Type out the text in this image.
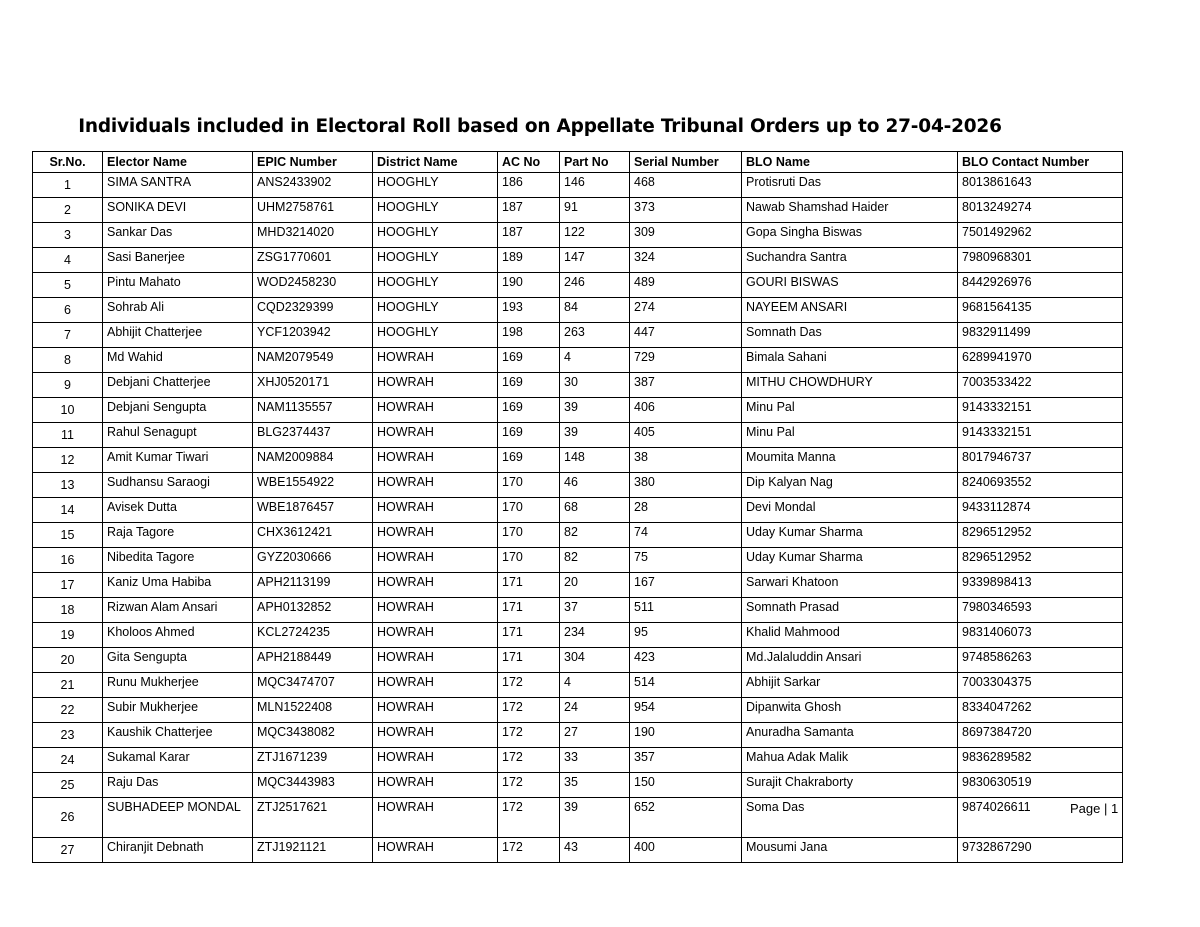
Individuals included in Electoral Roll based on Appellate Tribunal Orders up to 27-04-2026
Sr.No.	Elector Name	EPIC Number	District Name	AC No	Part No	Serial Number	BLO Name	BLO Contact Number
1	SIMA SANTRA	ANS2433902	HOOGHLY	186	146	468	Protisruti Das	8013861643
2	SONIKA DEVI	UHM2758761	HOOGHLY	187	91	373	Nawab Shamshad Haider	8013249274
3	Sankar Das	MHD3214020	HOOGHLY	187	122	309	Gopa Singha Biswas	7501492962
4	Sasi Banerjee	ZSG1770601	HOOGHLY	189	147	324	Suchandra Santra	7980968301
5	Pintu Mahato	WOD2458230	HOOGHLY	190	246	489	GOURI BISWAS	8442926976
6	Sohrab Ali	CQD2329399	HOOGHLY	193	84	274	NAYEEM ANSARI	9681564135
7	Abhijit Chatterjee	YCF1203942	HOOGHLY	198	263	447	Somnath Das	9832911499
8	Md Wahid	NAM2079549	HOWRAH	169	4	729	Bimala Sahani	6289941970
9	Debjani Chatterjee	XHJ0520171	HOWRAH	169	30	387	MITHU CHOWDHURY	7003533422
10	Debjani Sengupta	NAM1135557	HOWRAH	169	39	406	Minu Pal	9143332151
11	Rahul Senagupt	BLG2374437	HOWRAH	169	39	405	Minu Pal	9143332151
12	Amit Kumar Tiwari	NAM2009884	HOWRAH	169	148	38	Moumita Manna	8017946737
13	Sudhansu Saraogi	WBE1554922	HOWRAH	170	46	380	Dip Kalyan Nag	8240693552
14	Avisek Dutta	WBE1876457	HOWRAH	170	68	28	Devi Mondal	9433112874
15	Raja Tagore	CHX3612421	HOWRAH	170	82	74	Uday Kumar Sharma	8296512952
16	Nibedita Tagore	GYZ2030666	HOWRAH	170	82	75	Uday Kumar Sharma	8296512952
17	Kaniz Uma Habiba	APH2113199	HOWRAH	171	20	167	Sarwari Khatoon	9339898413
18	Rizwan Alam Ansari	APH0132852	HOWRAH	171	37	511	Somnath Prasad	7980346593
19	Kholoos Ahmed	KCL2724235	HOWRAH	171	234	95	Khalid Mahmood	9831406073
20	Gita Sengupta	APH2188449	HOWRAH	171	304	423	Md.Jalaluddin Ansari	9748586263
21	Runu Mukherjee	MQC3474707	HOWRAH	172	4	514	Abhijit Sarkar	7003304375
22	Subir Mukherjee	MLN1522408	HOWRAH	172	24	954	Dipanwita Ghosh	8334047262
23	Kaushik Chatterjee	MQC3438082	HOWRAH	172	27	190	Anuradha Samanta	8697384720
24	Sukamal Karar	ZTJ1671239	HOWRAH	172	33	357	Mahua Adak Malik	9836289582
25	Raju Das	MQC3443983	HOWRAH	172	35	150	Surajit Chakraborty	9830630519
26	SUBHADEEP MONDAL	ZTJ2517621	HOWRAH	172	39	652	Soma Das	9874026611
27	Chiranjit Debnath	ZTJ1921121	HOWRAH	172	43	400	Mousumi Jana	9732867290
Page | 1
